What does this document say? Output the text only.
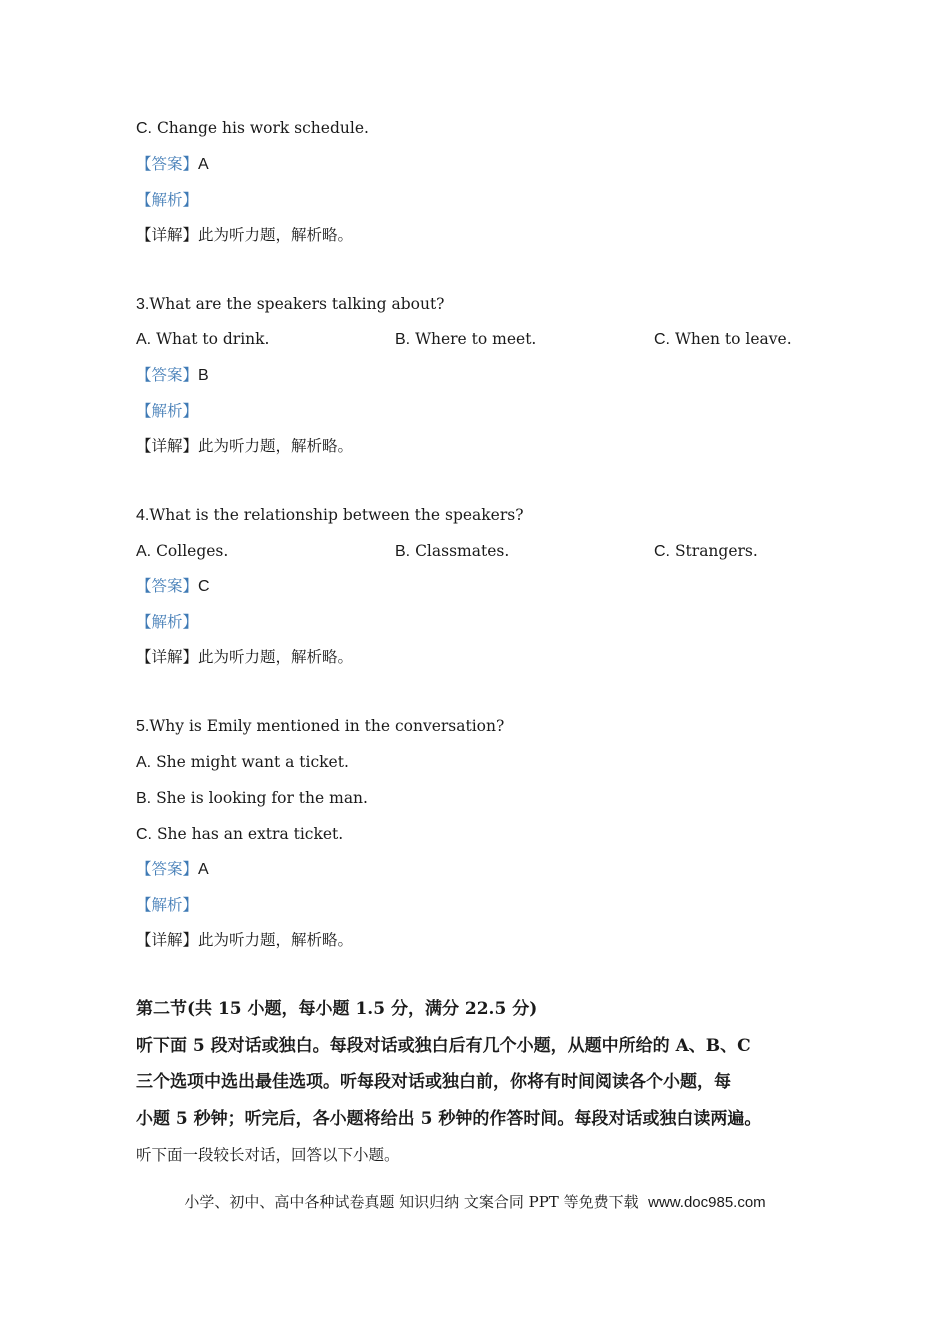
C. Change his work schedule.
【答案】A
【解析】
【详解】此为听力题，解析略。
3.What are the speakers talking about?
A. What to drink.	B. Where to meet.	C. When to leave.
【答案】B
【解析】
【详解】此为听力题，解析略。
4.What is the relationship between the speakers?
A. Colleges.	B. Classmates.	C. Strangers.
【答案】C
【解析】
【详解】此为听力题，解析略。
5.Why is Emily mentioned in the conversation?
A. She might want a ticket.
B. She is looking for the man.
C. She has an extra ticket.
【答案】A
【解析】
【详解】此为听力题，解析略。
第二节(共 15 小题，每小题 1.5 分，满分 22.5 分)
听下面 5 段对话或独白。每段对话或独白后有几个小题，从题中所给的 A、B、C
三个选项中选出最佳选项。听每段对话或独白前，你将有时间阅读各个小题，每
小题 5 秒钟；听完后，各小题将给出 5 秒钟的作答时间。每段对话或独白读两遍。
听下面一段较长对话，回答以下小题。
小学、初中、高中各种试卷真题 知识归纳 文案合同 PPT 等免费下载 www.doc985.com
